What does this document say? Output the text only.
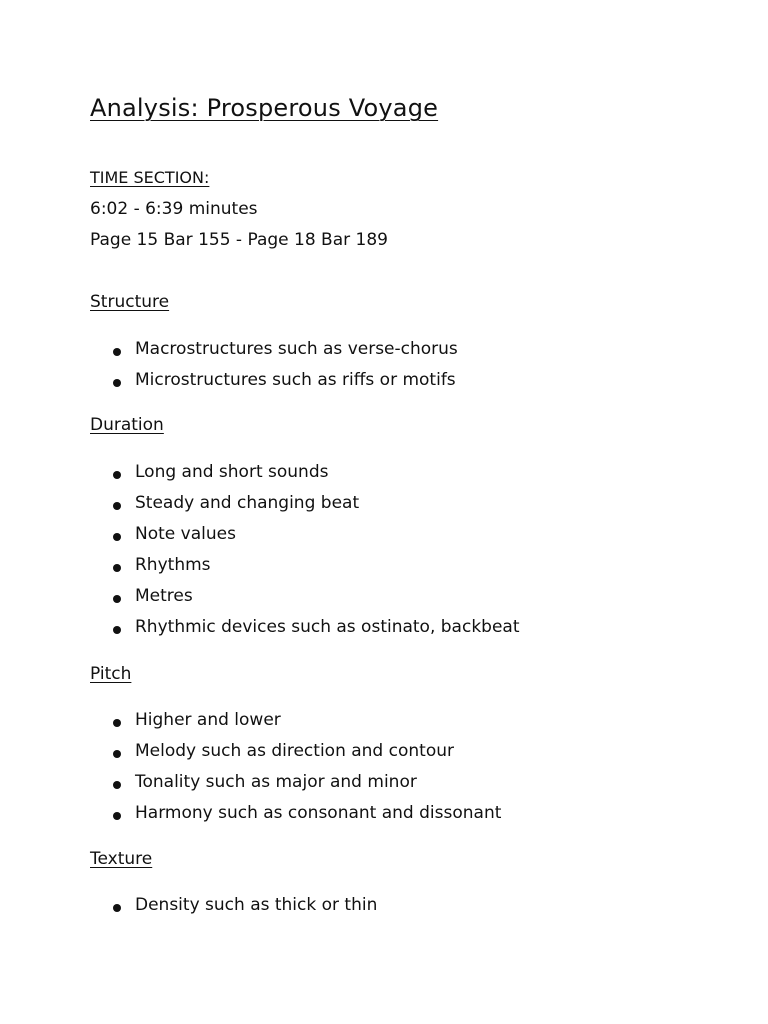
Analysis: Prosperous Voyage
TIME SECTION:
6:02 - 6:39 minutes
Page 15 Bar 155 - Page 18 Bar 189
Structure
Macrostructures such as verse-chorus
Microstructures such as riffs or motifs
Duration
Long and short sounds
Steady and changing beat
Note values
Rhythms
Metres
Rhythmic devices such as ostinato, backbeat
Pitch
Higher and lower
Melody such as direction and contour
Tonality such as major and minor
Harmony such as consonant and dissonant
Texture
Density such as thick or thin
